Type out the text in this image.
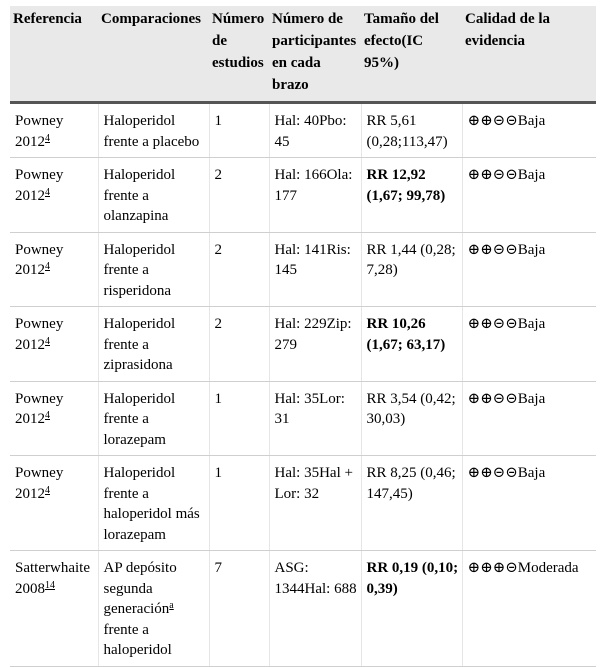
Referencia	Comparaciones	Número de estudios	Número de participantes en cada brazo	Tamaño del efecto(IC 95%)	Calidad de la evidencia
Powney 2012$^4$	Haloperidol frente a placebo	1	Hal: 40Pbo: 45	RR 5,61 (0,28;113,47)	⊕⊕⊝⊝Baja
Powney 2012$^4$	Haloperidol frente a olanzapina	2	Hal: 166Ola: 177	RR 12,92 (1,67; 99,78)	⊕⊕⊝⊝Baja
Powney 2012$^4$	Haloperidol frente a risperidona	2	Hal: 141Ris: 145	RR 1,44 (0,28; 7,28)	⊕⊕⊝⊝Baja
Powney 2012$^4$	Haloperidol frente a ziprasidona	2	Hal: 229Zip: 279	RR 10,26 (1,67; 63,17)	⊕⊕⊝⊝Baja
Powney 2012$^4$	Haloperidol frente a lorazepam	1	Hal: 35Lor: 31	RR 3,54 (0,42; 30,03)	⊕⊕⊝⊝Baja
Powney 2012$^4$	Haloperidol frente a haloperidol más lorazepam	1	Hal: 35Hal + Lor: 32	RR 8,25 (0,46; 147,45)	⊕⊕⊝⊝Baja
Satterwhaite 2008$^{14}$	AP depósito segunda generación$^a$ frente a haloperidol	7	ASG: 1344Hal: 688	RR 0,19 (0,10; 0,39)	⊕⊕⊕⊝Moderada
